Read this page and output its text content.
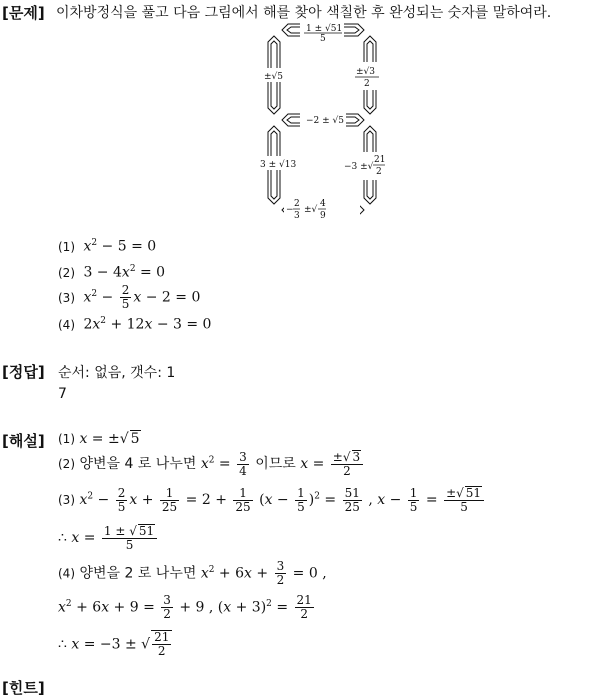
[문제] 이차방정식을 풀고 다음 그림에서 해를 찾아 색칠한 후 완성되는 숫자를 말하여라.
1 ± √51
5
±√5	±√3
2
−2 ± √5
3 ± √13	−3 ±√
21
2
−
2
3
±√
4
9
(1) $x^2 - 5 = 0$
(2) $3 - 4x^2 = 0$
(3) $x^2 - \frac{2}{5}$ x − 2 = 0
(4) $2x^2 + 12x - 3 = 0$
[정답] 순서: 없음, 갯수: 1
7
[해설] (1) x = ±√ 5
(2) 양변을 4 로 나누면 $x^2 = \frac{3}{4}$ 이므로 $x = \frac{\pm√ 3}{2}$
(3) $x^2 - \frac{2}{5}$ $x + \frac{1}{25} = 2 + \frac{1}{25} (x - \frac{1}{5} )^2 = \frac{51}{25}$ , $x - \frac{1}{5} = \frac{\pm√ 51}{5}$
∴ $x = \frac{1 \pm √ 51}{5}$
(4) 양변을 2 로 나누면 $x^2 + 6x + \frac{3}{2} = 0$ ,
$x^2 + 6x + 9 = \frac{3}{2} + 9$ , $(x + 3)^2 = \frac{21}{2}$
∴ x = −3 ± √ $\frac{21}{2}$
[힌트]
